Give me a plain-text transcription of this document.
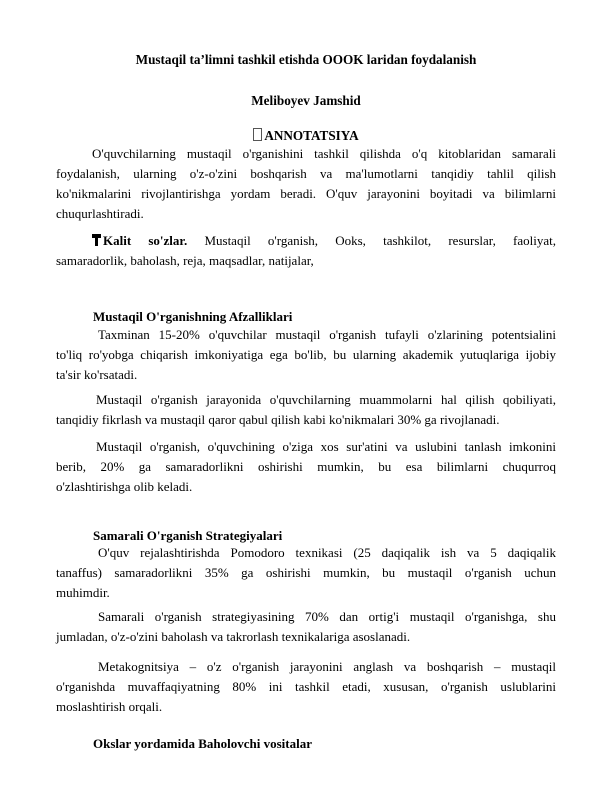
Mustaqil ta’limni tashkil etishda OOOK laridan foydalanish
Meliboyev Jamshid
ANNOTATSIYA
O'quvchilarning mustaqil o'rganishini tashkil qilishda o'q kitoblaridan samarali
foydalanish, ularning o'z-o'zini boshqarish va ma'lumotlarni tanqidiy tahlil qilish
ko'nikmalarini rivojlantirishga yordam beradi. O'quv jarayonini boyitadi va bilimlarni
chuqurlashtiradi.
Kalit so'zlar. Mustaqil o'rganish, Ooks, tashkilot, resurslar, faoliyat,
samaradorlik, baholash, reja, maqsadlar, natijalar,
Mustaqil O'rganishning Afzalliklari
Taxminan 15-20% o'quvchilar mustaqil o'rganish tufayli o'zlarining potentsialini
to'liq ro'yobga chiqarish imkoniyatiga ega bo'lib, bu ularning akademik yutuqlariga ijobiy
ta'sir ko'rsatadi.
Mustaqil o'rganish jarayonida o'quvchilarning muammolarni hal qilish qobiliyati,
tanqidiy fikrlash va mustaqil qaror qabul qilish kabi ko'nikmalari 30% ga rivojlanadi.
Mustaqil o'rganish, o'quvchining o'ziga xos sur'atini va uslubini tanlash imkonini
berib, 20% ga samaradorlikni oshirishi mumkin, bu esa bilimlarni chuqurroq
o'zlashtirishga olib keladi.
Samarali O'rganish Strategiyalari
O'quv rejalashtirishda Pomodoro texnikasi (25 daqiqalik ish va 5 daqiqalik
tanaffus) samaradorlikni 35% ga oshirishi mumkin, bu mustaqil o'rganish uchun
muhimdir.
Samarali o'rganish strategiyasining 70% dan ortig'i mustaqil o'rganishga, shu
jumladan, o'z-o'zini baholash va takrorlash texnikalariga asoslanadi.
Metakognitsiya – o'z o'rganish jarayonini anglash va boshqarish – mustaqil
o'rganishda muvaffaqiyatning 80% ini tashkil etadi, xususan, o'rganish uslublarini
moslashtirish orqali.
Okslar yordamida Baholovchi vositalar
